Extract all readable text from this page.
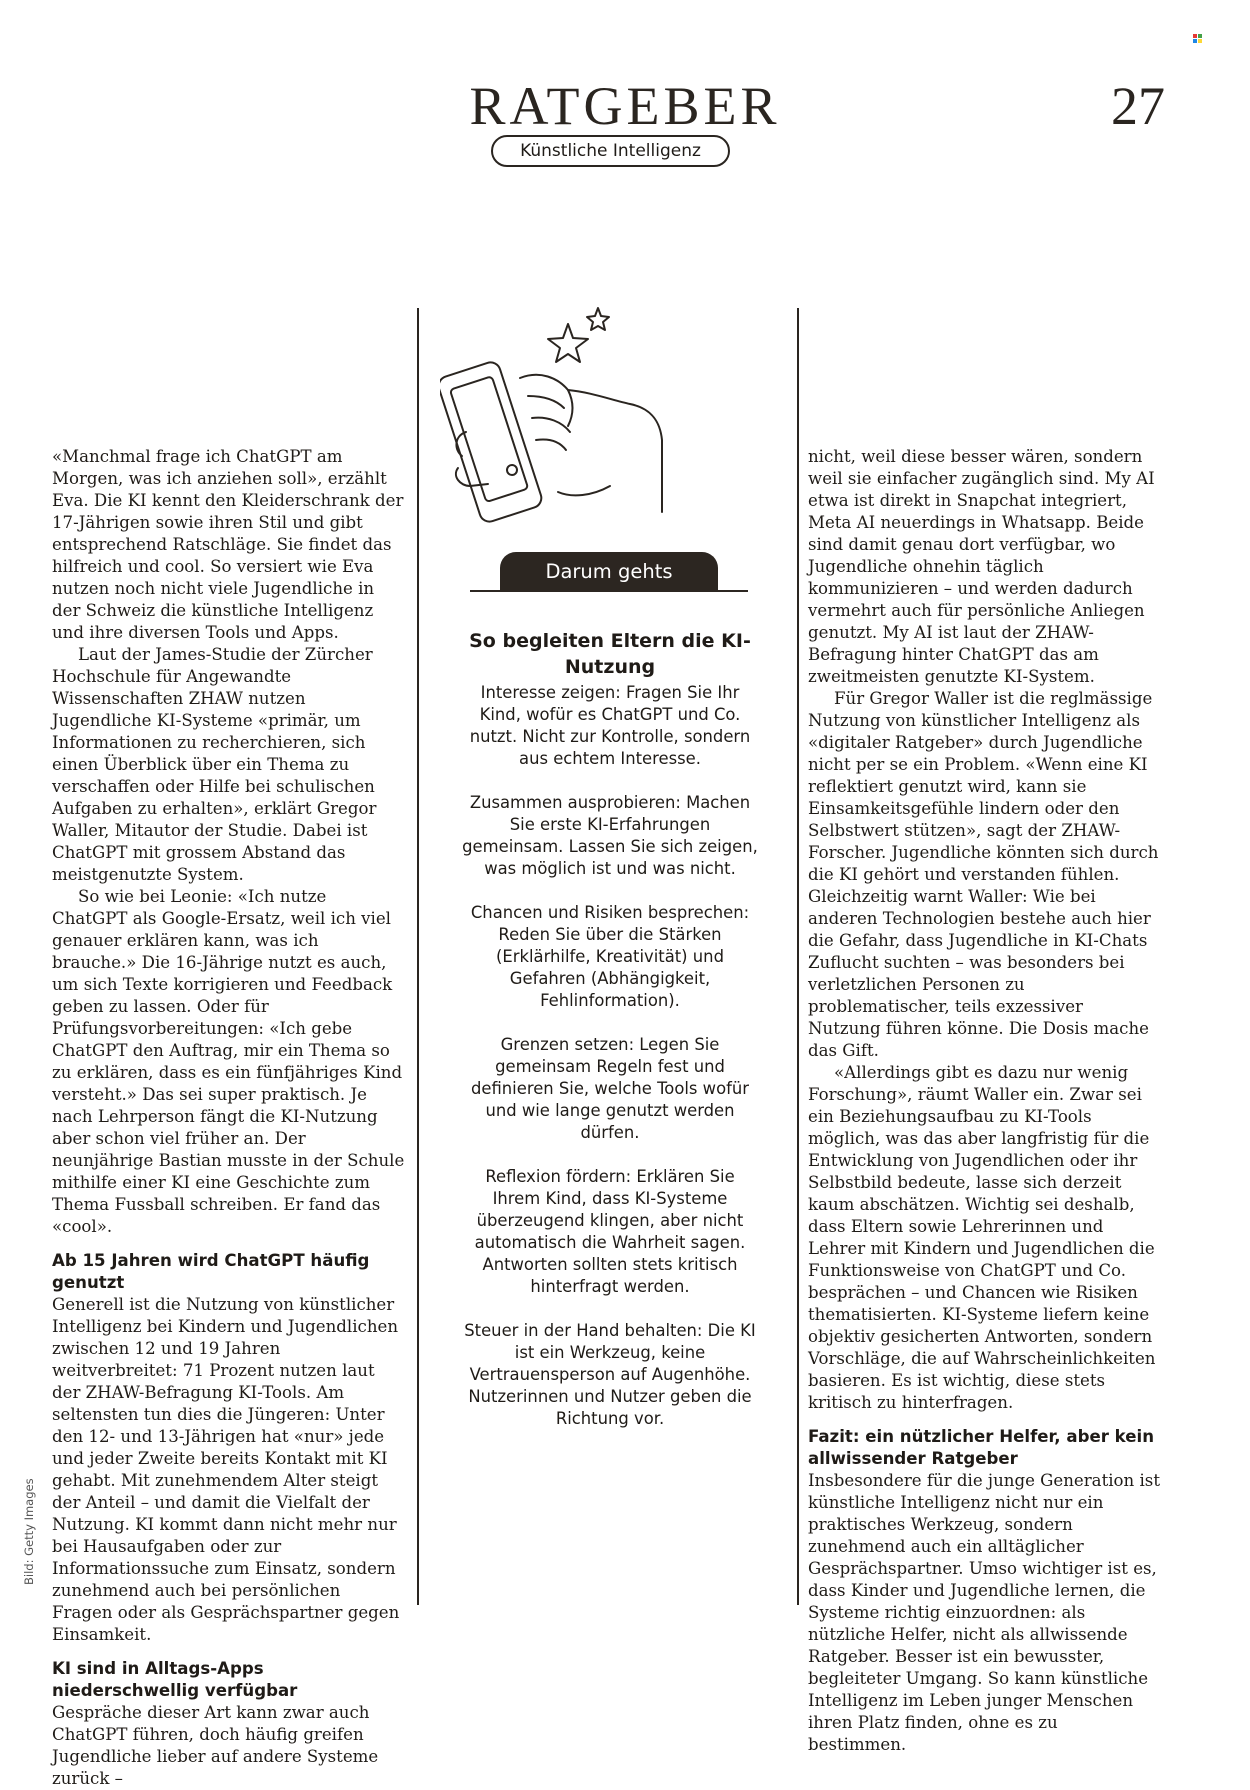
RATGEBER	27
Künstliche Intelligenz
Darum gehts
So begleiten Eltern die KI-Nutzung
Interesse zeigen: Fragen Sie Ihr Kind, wofür es ChatGPT und Co. nutzt. Nicht zur Kontrolle, sondern aus echtem Interesse.
Zusammen ausprobieren: Machen Sie erste KI-Erfahrungen gemeinsam. Lassen Sie sich zeigen, was möglich ist und was nicht.
Chancen und Risiken besprechen: Reden Sie über die Stärken (Erklärhilfe, Kreativität) und Gefahren (Abhängigkeit, Fehlinformation).
Grenzen setzen: Legen Sie gemeinsam Regeln fest und definieren Sie, welche Tools wofür und wie lange genutzt werden dürfen.
Reflexion fördern: Erklären Sie Ihrem Kind, dass KI-Systeme überzeugend klingen, aber nicht automatisch die Wahrheit sagen. Antworten sollten stets kritisch hinterfragt werden.
Steuer in der Hand behalten: Die KI ist ein Werkzeug, keine Vertrauensperson auf Augenhöhe. Nutzerinnen und Nutzer geben die Richtung vor.

«Manchmal frage ich ChatGPT am Morgen, was ich anziehen soll», erzählt Eva. Die KI kennt den Kleiderschrank der 17-Jährigen sowie ihren Stil und gibt entsprechend Ratschläge. Sie findet das hilfreich und cool. So versiert wie Eva nutzen noch nicht viele Jugendliche in der Schweiz die künstliche Intelligenz und ihre diversen Tools und Apps.

Laut der James-Studie der Zürcher Hochschule für Angewandte Wissenschaften ZHAW nutzen Jugendliche KI-Systeme «primär, um Informationen zu recherchieren, sich einen Überblick über ein Thema zu verschaffen oder Hilfe bei schulischen Aufgaben zu erhalten», erklärt Gregor Waller, Mitautor der Studie. Dabei ist ChatGPT mit grossem Abstand das meistgenutzte System.

So wie bei Leonie: «Ich nutze ChatGPT als Google-Ersatz, weil ich viel genauer erklären kann, was ich brauche.» Die 16-Jährige nutzt es auch, um sich Texte korrigieren und Feedback geben zu lassen. Oder für Prüfungsvorbereitungen: «Ich gebe ChatGPT den Auftrag, mir ein Thema so zu erklären, dass es ein fünfjähriges Kind versteht.» Das sei super praktisch. Je nach Lehrperson fängt die KI-Nutzung aber schon viel früher an. Der neunjährige Bastian musste in der Schule mithilfe einer KI eine Geschichte zum Thema Fussball schreiben. Er fand das «cool».

Ab 15 Jahren wird ChatGPT häufig genutzt

Generell ist die Nutzung von künstlicher Intelligenz bei Kindern und Jugendlichen zwischen 12 und 19 Jahren weitverbreitet: 71 Prozent nutzen laut der ZHAW-Befragung KI-Tools. Am seltensten tun dies die Jüngeren: Unter den 12- und 13-Jährigen hat «nur» jede und jeder Zweite bereits Kontakt mit KI gehabt. Mit zunehmendem Alter steigt der Anteil – und damit die Vielfalt der Nutzung. KI kommt dann nicht mehr nur bei Hausaufgaben oder zur Informationssuche zum Einsatz, sondern zunehmend auch bei persönlichen Fragen oder als Gesprächspartner gegen Einsamkeit.

KI sind in Alltags-Apps niederschwellig verfügbar

Gespräche dieser Art kann zwar auch ChatGPT führen, doch häufig greifen Jugendliche lieber auf andere Systeme zurück –

nicht, weil diese besser wären, sondern weil sie einfacher zugänglich sind. My AI etwa ist direkt in Snapchat integriert, Meta AI neuerdings in Whatsapp. Beide sind damit genau dort verfügbar, wo Jugendliche ohnehin täglich kommunizieren – und werden dadurch vermehrt auch für persönliche Anliegen genutzt. My AI ist laut der ZHAW-Befragung hinter ChatGPT das am zweitmeisten genutzte KI-System.

Für Gregor Waller ist die reglmässige Nutzung von künstlicher Intelligenz als «digitaler Ratgeber» durch Jugendliche nicht per se ein Problem. «Wenn eine KI reflektiert genutzt wird, kann sie Einsamkeitsgefühle lindern oder den Selbstwert stützen», sagt der ZHAW-Forscher. Jugendliche könnten sich durch die KI gehört und verstanden fühlen. Gleichzeitig warnt Waller: Wie bei anderen Technologien bestehe auch hier die Gefahr, dass Jugendliche in KI-Chats Zuflucht suchten – was besonders bei verletzlichen Personen zu problematischer, teils exzessiver Nutzung führen könne. Die Dosis mache das Gift.

«Allerdings gibt es dazu nur wenig Forschung», räumt Waller ein. Zwar sei ein Beziehungsaufbau zu KI-Tools möglich, was das aber langfristig für die Entwicklung von Jugendlichen oder ihr Selbstbild bedeute, lasse sich derzeit kaum abschätzen. Wichtig sei deshalb, dass Eltern sowie Lehrerinnen und Lehrer mit Kindern und Jugendlichen die Funktionsweise von ChatGPT und Co. besprächen – und Chancen wie Risiken thematisierten. KI-Systeme liefern keine objektiv gesicherten Antworten, sondern Vorschläge, die auf Wahrscheinlichkeiten basieren. Es ist wichtig, diese stets kritisch zu hinterfragen.

Fazit: ein nützlicher Helfer, aber kein allwissender Ratgeber

Insbesondere für die junge Generation ist künstliche Intelligenz nicht nur ein praktisches Werkzeug, sondern zunehmend auch ein alltäglicher Gesprächspartner. Umso wichtiger ist es, dass Kinder und Jugendliche lernen, die Systeme richtig einzuordnen: als nützliche Helfer, nicht als allwissende Ratgeber. Besser ist ein bewusster, begleiteter Umgang. So kann künstliche Intelligenz im Leben junger Menschen ihren Platz finden, ohne es zu bestimmen.

Bild: Getty Images
